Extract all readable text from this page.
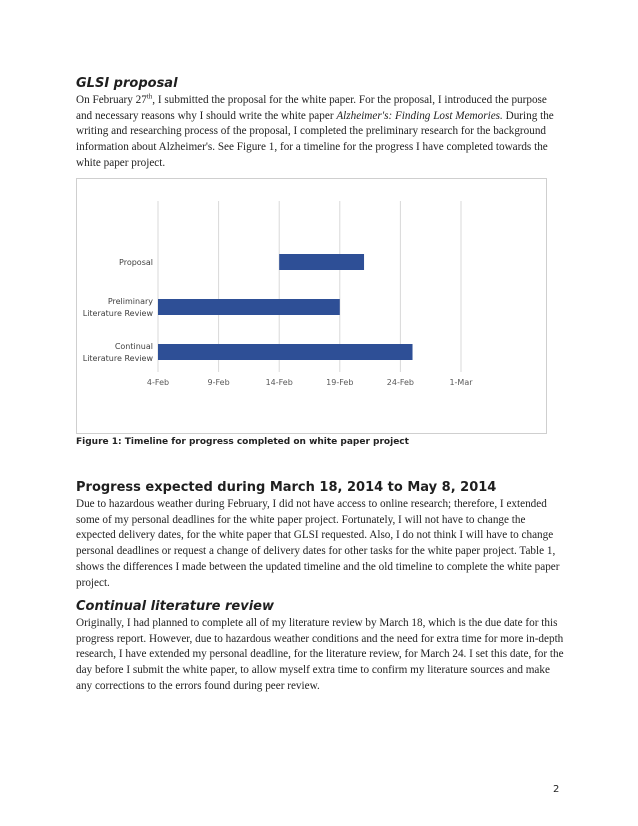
GLSI proposal

On February 27th, I submitted the proposal for the white paper. For the proposal, I introduced the purpose and necessary reasons why I should write the white paper Alzheimer's: Finding Lost Memories. During the writing and researching process of the proposal, I completed the preliminary research for the background information about Alzheimer's. See Figure 1, for a timeline for the progress I have completed towards the white paper project.

Proposal
Preliminary
Literature Review
Continual
Literature Review
4-Feb	9-Feb	14-Feb	19-Feb	24-Feb	1-Mar
Figure 1: Timeline for progress completed on white paper project
Progress expected during March 18, 2014 to May 8, 2014

Due to hazardous weather during February, I did not have access to online research; therefore, I extended some of my personal deadlines for the white paper project. Fortunately, I will not have to change the expected delivery dates, for the white paper that GLSI requested. Also, I do not think I will have to change personal deadlines or request a change of delivery dates for other tasks for the white paper project. Table 1, shows the differences I made between the updated timeline and the old timeline to complete the white paper project.

Continual literature review

Originally, I had planned to complete all of my literature review by March 18, which is the due date for this progress report. However, due to hazardous weather conditions and the need for extra time for more in-depth research, I have extended my personal deadline, for the literature review, for March 24. I set this date, for the day before I submit the white paper, to allow myself extra time to confirm my literature sources and make any corrections to the errors found during peer review.

2
